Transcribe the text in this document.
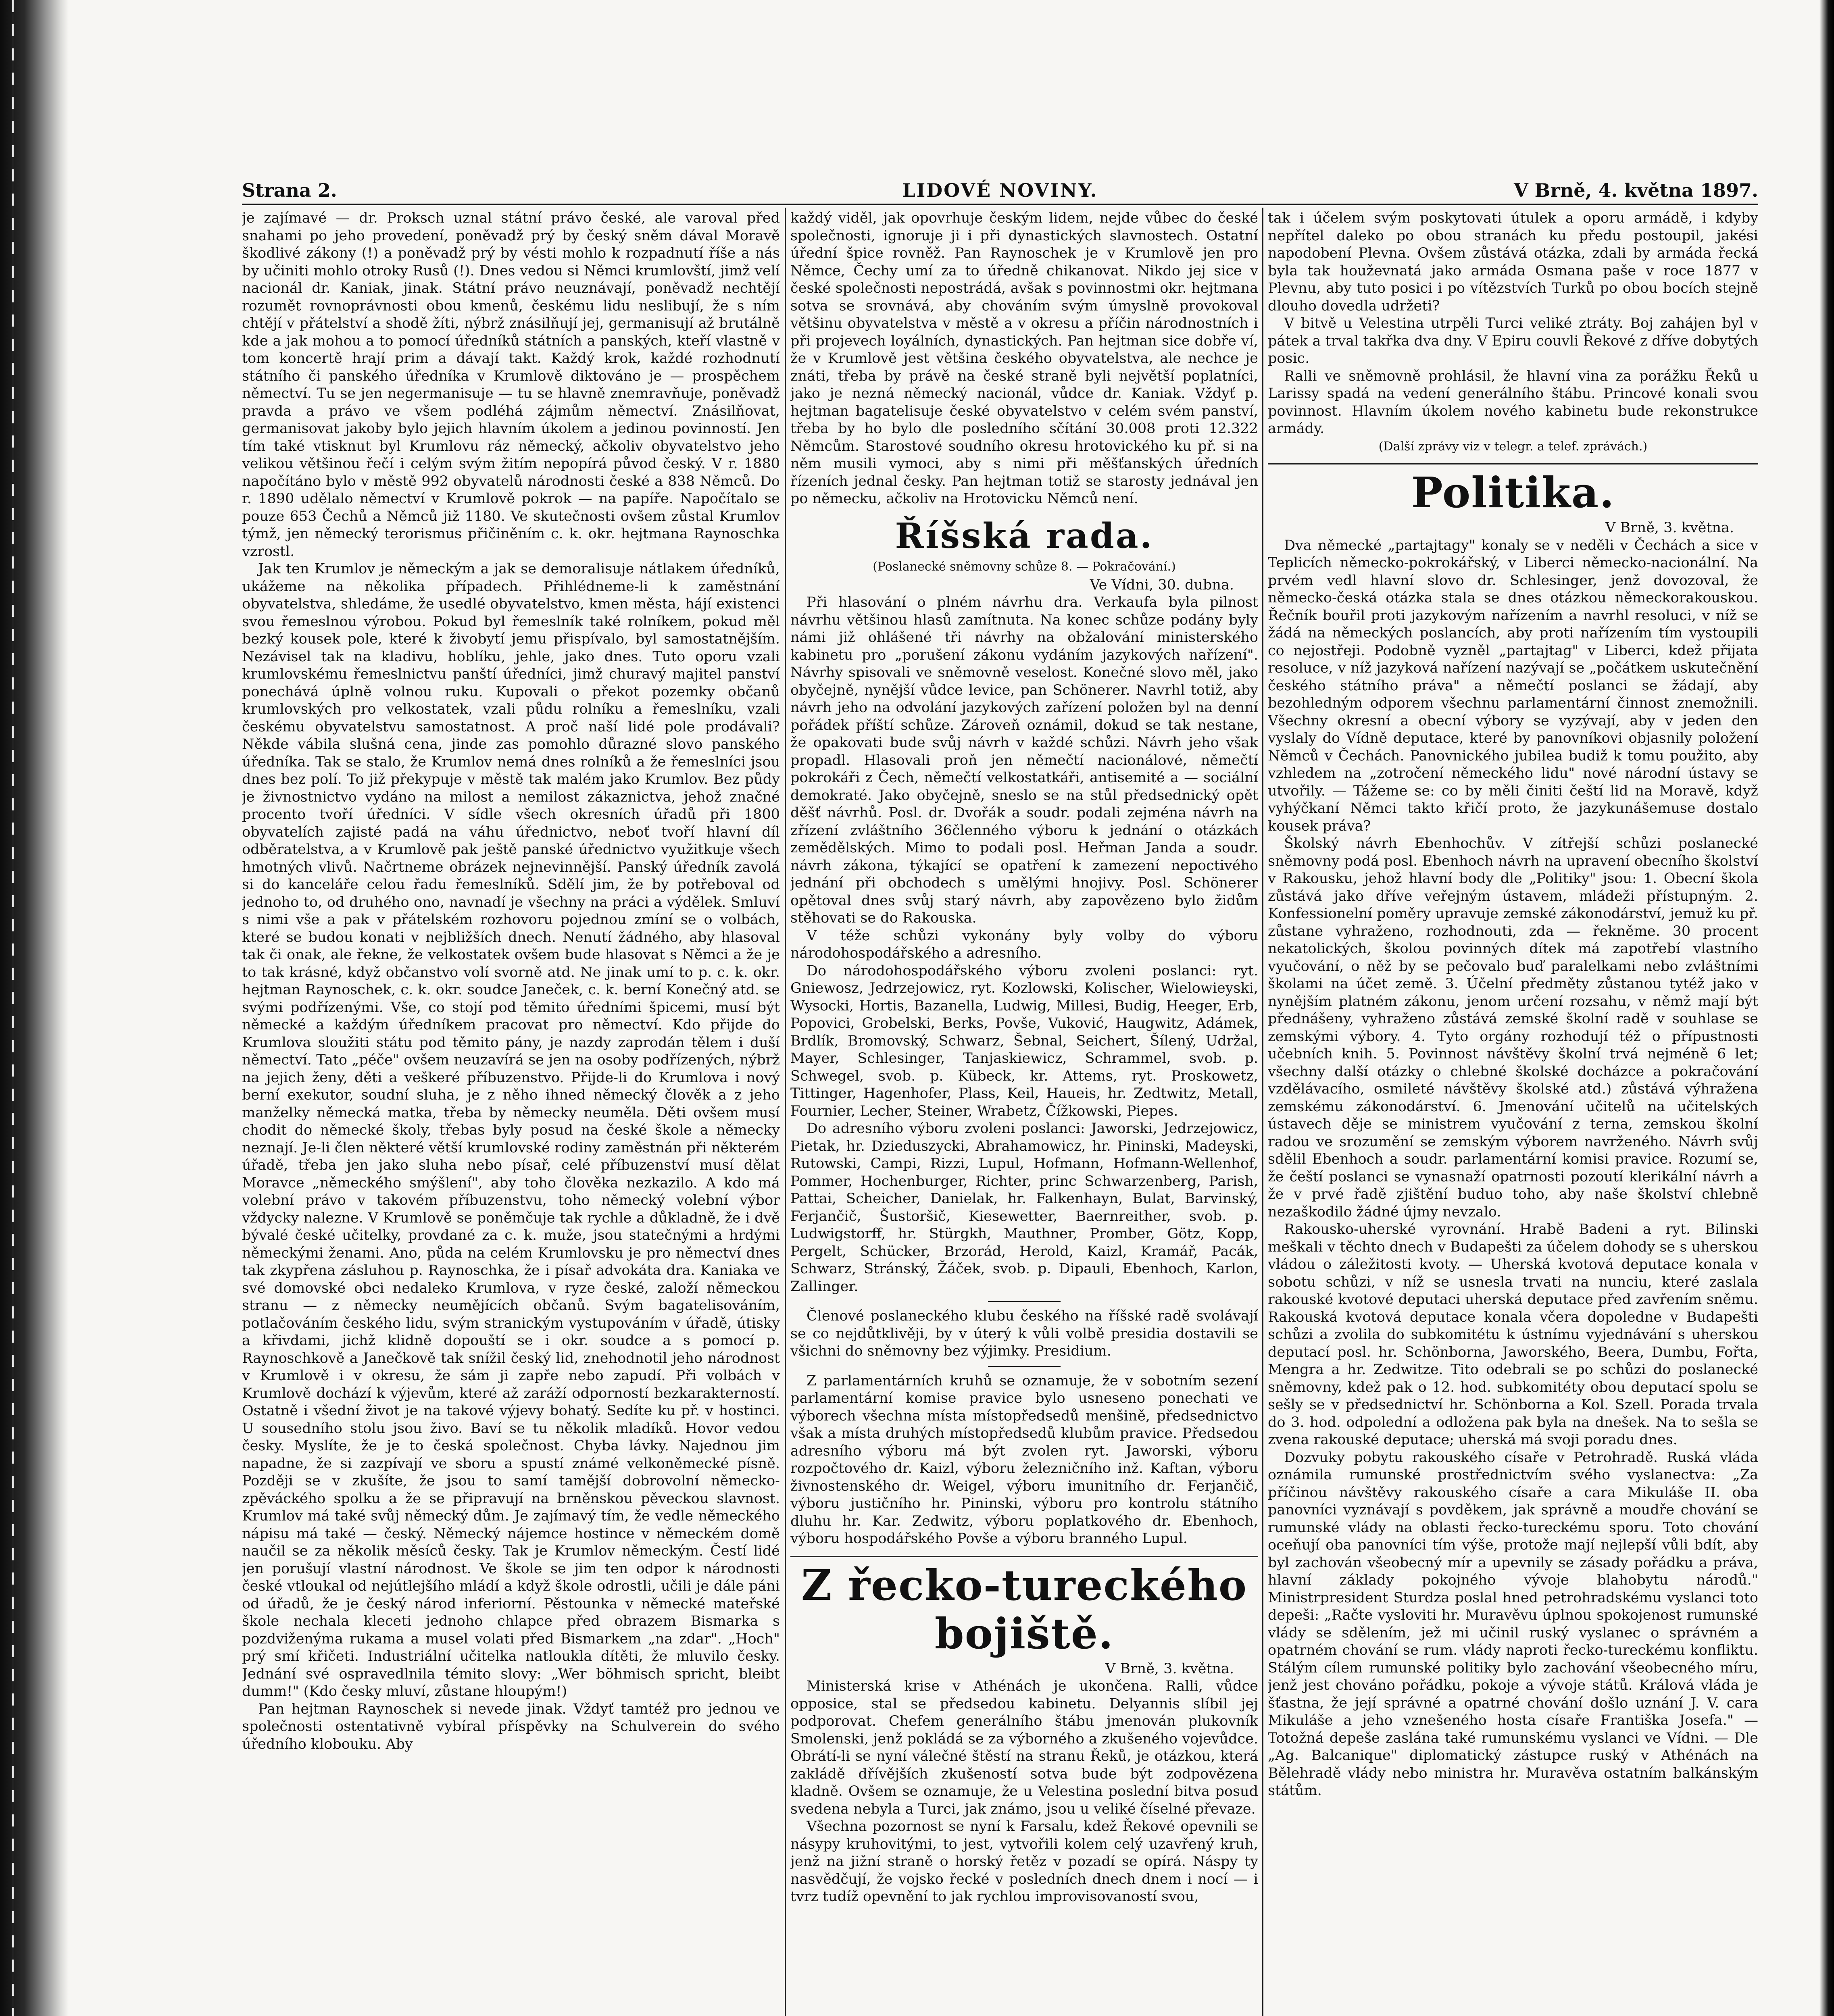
Strana 2.	LIDOVÉ NOVINY.	V Brně, 4. května 1897.

je zajímavé — dr. Proksch uznal státní právo české, ale varoval před snahami po jeho provedení, poněvadž prý by český sněm dával Moravě škodlivé zákony (!) a poněvadž prý by vésti mohlo k rozpadnutí říše a nás by učiniti mohlo otroky Rusů (!). Dnes vedou si Němci krumlovští, jimž velí nacionál dr. Kaniak, jinak. Státní právo neuznávají, poněvadž nechtějí rozumět rovnoprávnosti obou kmenů, českému lidu neslibují, že s ním chtějí v přátelství a shodě žíti, nýbrž znásilňují jej, germanisují až brutálně kde a jak mohou a to pomocí úředníků státních a panských, kteří vlastně v tom koncertě hrají prim a dávají takt. Každý krok, každé rozhodnutí státního či panského úředníka v Krumlově diktováno je — prospěchem němectví. Tu se jen negermanisuje — tu se hlavně znemravňuje, poněvadž pravda a právo ve všem podléhá zájmům němectví. Znásilňovat, germanisovat jakoby bylo jejich hlavním úkolem a jedinou povinností. Jen tím také vtisknut byl Krumlovu ráz německý, ačkoliv obyvatelstvo jeho velikou většinou řečí i celým svým žitím nepopírá původ český. V r. 1880 napočítáno bylo v městě 992 obyvatelů národnosti české a 838 Němců. Do r. 1890 udělalo němectví v Krumlově pokrok — na papíře. Napočítalo se pouze 653 Čechů a Němců již 1180. Ve skutečnosti ovšem zůstal Krumlov týmž, jen německý terorismus přičiněním c. k. okr. hejtmana Raynoschka vzrostl.

Jak ten Krumlov je německým a jak se demoralisuje nátlakem úředníků, ukážeme na několika případech. Přihlédneme-li k zaměstnání obyvatelstva, shledáme, že usedlé obyvatelstvo, kmen města, hájí existenci svou řemeslnou výrobou. Pokud byl řemeslník také rolníkem, pokud měl bezký kousek pole, které k živobytí jemu přispívalo, byl samostatnějším. Nezávisel tak na kladivu, hoblíku, jehle, jako dnes. Tuto oporu vzali krumlovskému řemeslnictvu panští úředníci, jimž churavý majitel panství ponechává úplně volnou ruku. Kupovali o překot pozemky občanů krumlovských pro velkostatek, vzali půdu rolníku a řemeslníku, vzali českému obyvatelstvu samostatnost. A proč naší lidé pole prodávali? Někde vábila slušná cena, jinde zas pomohlo důrazné slovo panského úředníka. Tak se stalo, že Krumlov nemá dnes rolníků a že řemeslníci jsou dnes bez polí. To již překypuje v městě tak malém jako Krumlov. Bez půdy je živnostnictvo vydáno na milost a nemilost zákaznictva, jehož značné procento tvoří úředníci. V sídle všech okresních úřadů při 1800 obyvatelích zajisté padá na váhu úřednictvo, neboť tvoří hlavní díl odběratelstva, a v Krumlově pak ještě panské úřednictvo využitkuje všech hmotných vlivů. Načrtneme obrázek nejnevinnější. Panský úředník zavolá si do kanceláře celou řadu řemeslníků. Sdělí jim, že by potřeboval od jednoho to, od druhého ono, navnadí je všechny na práci a výdělek. Smluví s nimi vše a pak v přátelském rozhovoru pojednou zmíní se o volbách, které se budou konati v nejbližších dnech. Nenutí žádného, aby hlasoval tak či onak, ale řekne, že velkostatek ovšem bude hlasovat s Němci a že je to tak krásné, když občanstvo volí svorně atd. Ne jinak umí to p. c. k. okr. hejtman Raynoschek, c. k. okr. soudce Janeček, c. k. berní Konečný atd. se svými podřízenými. Vše, co stojí pod těmito úředními špicemi, musí být německé a každým úředníkem pracovat pro němectví. Kdo přijde do Krumlova sloužiti státu pod těmito pány, je nazdy zaprodán tělem i duší němectví. Tato „péče" ovšem neuzavírá se jen na osoby podřízených, nýbrž na jejich ženy, děti a veškeré příbuzenstvo. Přijde-li do Krumlova i nový berní exekutor, soudní sluha, je z něho ihned německý člověk a z jeho manželky německá matka, třeba by německy neuměla. Děti ovšem musí chodit do německé školy, třebas byly posud na české škole a německy neznají. Je-li člen některé větší krumlovské rodiny zaměstnán při některém úřadě, třeba jen jako sluha nebo písař, celé příbuzenství musí dělat Moravce „německého smýšlení", aby toho člověka nezkazilo. A kdo má volební právo v takovém příbuzenstvu, toho německý volební výbor vždycky nalezne. V Krumlově se poněmčuje tak rychle a důkladně, že i dvě bývalé české učitelky, provdané za c. k. muže, jsou statečnými a hrdými německými ženami. Ano, půda na celém Krumlovsku je pro němectví dnes tak zkypřena zásluhou p. Raynoschka, že i písař advokáta dra. Kaniaka ve své domovské obci nedaleko Krumlova, v ryze české, založí německou stranu — z německy neumějících občanů. Svým bagatelisováním, potlačováním českého lidu, svým stranickým vystupováním v úřadě, útisky a křivdami, jichž klidně dopouští se i okr. soudce a s pomocí p. Raynoschkově a Janečkově tak snížil český lid, znehodnotil jeho národnost v Krumlově i v okresu, že sám ji zapře nebo zapudí. Při volbách v Krumlově dochází k výjevům, které až zaráží odporností bezkarakterností. Ostatně i všední život je na takové výjevy bohatý. Sedíte ku př. v hostinci. U sousedního stolu jsou živo. Baví se tu několik mladíků. Hovor vedou česky. Myslíte, že je to česká společnost. Chyba lávky. Najednou jim napadne, že si zazpívají ve sboru a spustí známé velkoněmecké písně. Později se v zkušíte, že jsou to samí tamější dobrovolní německo-zpěváckého spolku a že se připravují na brněnskou pěveckou slavnost. Krumlov má také svůj německý dům. Je zajímavý tím, že vedle německého nápisu má také — český. Německý nájemce hostince v německém domě naučil se za několik měsíců česky. Tak je Krumlov německým. Čestí lidé jen porušují vlastní národnost. Ve škole se jim ten odpor k národnosti české vtloukal od nejútlejšího mládí a když škole odrostli, učili je dále páni od úřadů, že je český národ inferiorní. Pěstounka v německé mateřské škole nechala kleceti jednoho chlapce před obrazem Bismarka s pozdviženýma rukama a musel volati před Bismarkem „na zdar". „Hoch" prý smí křičeti. Industriální učitelka natloukla dítěti, že mluvilo česky. Jednání své ospravedlnila témito slovy: „Wer böhmisch spricht, bleibt dumm!" (Kdo česky mluví, zůstane hloupým!)

Pan hejtman Raynoschek si nevede jinak. Vždyť tamtéž pro jednou ve společnosti ostentativně vybíral příspěvky na Schulverein do svého úředního klobouku. Aby

každý viděl, jak opovrhuje českým lidem, nejde vůbec do české společnosti, ignoruje ji i při dynastických slavnostech. Ostatní úřední špice rovněž. Pan Raynoschek je v Krumlově jen pro Němce, Čechy umí za to úředně chikanovat. Nikdo jej sice v české společnosti nepostrádá, avšak s povinnostmi okr. hejtmana sotva se srovnává, aby chováním svým úmyslně provokoval většinu obyvatelstva v městě a v okresu a příčin národnostních i při projevech loyálních, dynastických. Pan hejtman sice dobře ví, že v Krumlově jest většina českého obyvatelstva, ale nechce je znáti, třeba by právě na české straně byli největší poplatníci, jako je nezná německý nacionál, vůdce dr. Kaniak. Vždyť p. hejtman bagatelisuje české obyvatelstvo v celém svém panství, třeba by ho bylo dle posledního sčítání 30.008 proti 12.322 Němcům. Starostové soudního okresu hrotovického ku př. si na něm musili vymoci, aby s nimi při měšťanských úředních řízeních jednal česky. Pan hejtman totiž se starosty jednával jen po německu, ačkoliv na Hrotovicku Němců není.

Říšská rada.
(Poslanecké sněmovny schůze 8. — Pokračování.)
Ve Vídni, 30. dubna.

Při hlasování o plném návrhu dra. Verkaufa byla pilnost návrhu většinou hlasů zamítnuta. Na konec schůze podány byly námi již ohlášené tři návrhy na obžalování ministerského kabinetu pro „porušení zákonu vydáním jazykových nařízení". Návrhy spisovali ve sněmovně veselost. Konečné slovo měl, jako obyčejně, nynější vůdce levice, pan Schönerer. Navrhl totiž, aby návrh jeho na odvolání jazykových zařízení položen byl na denní pořádek příští schůze. Zároveň oznámil, dokud se tak nestane, že opakovati bude svůj návrh v každé schůzi. Návrh jeho však propadl. Hlasovali proň jen němečtí nacionálové, němečtí pokrokáři z Čech, němečtí velkostatkáři, antisemité a — sociální demokraté. Jako obyčejně, sneslo se na stůl předsednický opět děšť návrhů. Posl. dr. Dvořák a soudr. podali zejména návrh na zřízení zvláštního 36členného výboru k jednání o otázkách zemědělských. Mimo to podali posl. Heřman Janda a soudr. návrh zákona, týkající se opatření k zamezení nepoctivého jednání při obchodech s umělými hnojivy. Posl. Schönerer opětoval dnes svůj starý návrh, aby zapovězeno bylo židům stěhovati se do Rakouska.

V téže schůzi vykonány byly volby do výboru národohospodářského a adresního.

Do národohospodářského výboru zvoleni poslanci: ryt. Gniewosz, Jedrzejowicz, ryt. Kozlowski, Kolischer, Wielowieyski, Wysocki, Hortis, Bazanella, Ludwig, Millesi, Budig, Heeger, Erb, Popovici, Grobelski, Berks, Povše, Vuković, Haugwitz, Adámek, Brdlík, Bromovský, Schwarz, Šebnal, Seichert, Šílený, Udržal, Mayer, Schlesinger, Tanjaskiewicz, Schrammel, svob. p. Schwegel, svob. p. Kübeck, kr. Attems, ryt. Proskowetz, Tittinger, Hagenhofer, Plass, Keil, Haueis, hr. Zedtwitz, Metall, Fournier, Lecher, Steiner, Wrabetz, Čížkowski, Piepes.

Do adresního výboru zvoleni poslanci: Jaworski, Jedrzejowicz, Pietak, hr. Dzieduszycki, Abrahamowicz, hr. Pininski, Madeyski, Rutowski, Campi, Rizzi, Lupul, Hofmann, Hofmann-Wellenhof, Pommer, Hochenburger, Richter, princ Schwarzenberg, Parish, Pattai, Scheicher, Danielak, hr. Falkenhayn, Bulat, Barvinský, Ferjančič, Šustoršič, Kiesewetter, Baernreither, svob. p. Ludwigstorff, hr. Stürgkh, Mauthner, Promber, Götz, Kopp, Pergelt, Schücker, Brzorád, Herold, Kaizl, Kramář, Pacák, Schwarz, Stránský, Žáček, svob. p. Dipauli, Ebenhoch, Karlon, Zallinger.

Členové poslaneckého klubu českého na říšské radě svolávají se co nejdůtklivěji, by v úterý k vůli volbě presidia dostavili se všichni do sněmovny bez výjimky. Presidium.

Z parlamentárních kruhů se oznamuje, že v sobotním sezení parlamentární komise pravice bylo usneseno ponechati ve výborech všechna místa místopředsedů menšině, předsednictvo však a místa druhých místopředsedů klubům pravice. Předsedou adresního výboru má být zvolen ryt. Jaworski, výboru rozpočtového dr. Kaizl, výboru železničního inž. Kaftan, výboru živnostenského dr. Weigel, výboru imunitního dr. Ferjančič, výboru justičního hr. Pininski, výboru pro kontrolu státního dluhu hr. Kar. Zedwitz, výboru poplatkového dr. Ebenhoch, výboru hospodářského Povše a výboru branného Lupul.

Z řecko-tureckého bojiště.
V Brně, 3. května.

Ministerská krise v Athénách je ukončena. Ralli, vůdce opposice, stal se předsedou kabinetu. Delyannis slíbil jej podporovat. Chefem generálního štábu jmenován plukovník Smolenski, jenž pokládá se za výborného a zkušeného vojevůdce. Obrátí-li se nyní válečné štěstí na stranu Řeků, je otázkou, která zakládě dřívějších zkušeností sotva bude být zodpovězena kladně. Ovšem se oznamuje, že u Velestina poslední bitva posud svedena nebyla a Turci, jak známo, jsou u veliké číselné převaze.

Všechna pozornost se nyní k Farsalu, kdež Řekové opevnili se násypy kruhovitými, to jest, vytvořili kolem celý uzavřený kruh, jenž na jižní straně o horský řetěz v pozadí se opírá. Náspy ty nasvědčují, že vojsko řecké v posledních dnech dnem i nocí — i tvrz tudíž opevnění to jak rychlou improvisovaností svou,

tak i účelem svým poskytovati útulek a oporu armádě, i kdyby nepřítel daleko po obou stranách ku předu postoupil, jakési napodobení Plevna. Ovšem zůstává otázka, zdali by armáda řecká byla tak houževnatá jako armáda Osmana paše v roce 1877 v Plevnu, aby tuto posici i po vítězstvích Turků po obou bocích stejně dlouho dovedla udržeti?

V bitvě u Velestina utrpěli Turci veliké ztráty. Boj zahájen byl v pátek a trval takřka dva dny. V Epiru couvli Řekové z dříve dobytých posic.

Ralli ve sněmovně prohlásil, že hlavní vina za porážku Řeků u Larissy spadá na vedení generálního štábu. Princové konali svou povinnost. Hlavním úkolem nového kabinetu bude rekonstrukce armády.

(Další zprávy viz v telegr. a telef. zprávách.)
Politika.
V Brně, 3. května.

Dva německé „partajtagy" konaly se v neděli v Čechách a sice v Teplicích německo-pokrokářský, v Liberci německo-nacionální. Na prvém vedl hlavní slovo dr. Schlesinger, jenž dovozoval, že německo-česká otázka stala se dnes otázkou německorakouskou. Řečník bouřil proti jazykovým nařízením a navrhl resoluci, v níž se žádá na německých poslancích, aby proti nařízením tím vystoupili co nejostřeji. Podobně vyzněl „partajtag" v Liberci, kdež přijata resoluce, v níž jazyková nařízení nazývají se „počátkem uskutečnění českého státního práva" a němečtí poslanci se žádají, aby bezohledným odporem všechnu parlamentární činnost znemožnili. Všechny okresní a obecní výbory se vyzývají, aby v jeden den vyslaly do Vídně deputace, které by panovníkovi objasnily položení Němců v Čechách. Panovnického jubilea budiž k tomu použito, aby vzhledem na „zotročení německého lidu" nové národní ústavy se utvořily. — Tážeme se: co by měli činiti čeští lid na Moravě, když vyhýčkaní Němci takto křičí proto, že jazykunášemuse dostalo kousek práva?

Školský návrh Ebenhochův. V zítřejší schůzi poslanecké sněmovny podá posl. Ebenhoch návrh na upravení obecního školství v Rakousku, jehož hlavní body dle „Politiky" jsou: 1. Obecní škola zůstává jako dříve veřejným ústavem, mládeži přístupným. 2. Konfessionelní poměry upravuje zemské zákonodárství, jemuž ku př. zůstane vyhraženo, rozhodnouti, zda — řekněme. 30 procent nekatolických, školou povinných dítek má zapotřebí vlastního vyučování, o něž by se pečovalo buď paralelkami nebo zvláštními školami na účet země. 3. Účelní předměty zůstanou tytéž jako v nynějším platném zákonu, jenom určení rozsahu, v němž mají být přednášeny, vyhraženo zůstává zemské školní radě v souhlase se zemskými výbory. 4. Tyto orgány rozhodují též o přípustnosti učebních knih. 5. Povinnost návštěvy školní trvá nejméně 6 let; všechny další otázky o chlebné školské docházce a pokračování vzdělávacího, osmileté návštěvy školské atd.) zůstává výhražena zemskému zákonodárství. 6. Jmenování učitelů na učitelských ústavech děje se ministrem vyučování z terna, zemskou školní radou ve srozumění se zemským výborem navrženého. Návrh svůj sdělil Ebenhoch a soudr. parlamentární komisi pravice. Rozumí se, že čeští poslanci se vynasnaží opatrnosti pozoutí klerikální návrh a že v prvé řadě zjištění buduo toho, aby naše školství chlebně nezaškodilo žádné újmy nevzalo.

Rakousko-uherské vyrovnání. Hrabě Badeni a ryt. Bilinski meškali v těchto dnech v Budapešti za účelem dohody se s uherskou vládou o záležitosti kvoty. — Uherská kvotová deputace konala v sobotu schůzi, v níž se usnesla trvati na nunciu, které zaslala rakouské kvotové deputaci uherská deputace před zavřením sněmu. Rakouská kvotová deputace konala včera dopoledne v Budapešti schůzi a zvolila do subkomitétu k ústnímu vyjednávání s uherskou deputací posl. hr. Schönborna, Jaworského, Beera, Dumbu, Fořta, Mengra a hr. Zedwitze. Tito odebrali se po schůzi do poslanecké sněmovny, kdež pak o 12. hod. subkomitéty obou deputací spolu se sešly se v předsednictví hr. Schönborna a Kol. Szell. Porada trvala do 3. hod. odpolední a odložena pak byla na dnešek. Na to sešla se zvena rakouské deputace; uherská má svoji poradu dnes.

Dozvuky pobytu rakouského císaře v Petrohradě. Ruská vláda oznámila rumunské prostřednictvím svého vyslanectva: „Za příčinou návštěvy rakouského císaře a cara Mikuláše II. oba panovníci vyznávají s povděkem, jak správně a moudře chování se rumunské vlády na oblasti řecko-tureckému sporu. Toto chování oceňují oba panovníci tím výše, protože mají nejlepší vůli bdít, aby byl zachován všeobecný mír a upevnily se zásady pořádku a práva, hlavní základy pokojného vývoje blahobytu národů." Ministrpresident Sturdza poslal hned petrohradskému vyslanci toto depeši: „Račte vysloviti hr. Muravěvu úplnou spokojenost rumunské vlády se sdělením, jež mi učinil ruský vyslanec o správném a opatrném chování se rum. vlády naproti řecko-tureckému konfliktu. Stálým cílem rumunské politiky bylo zachování všeobecného míru, jenž jest chováno pořádku, pokoje a vývoje států. Králová vláda je šťastna, že její správné a opatrné chování došlo uznání J. V. cara Mikuláše a jeho vznešeného hosta císaře Františka Josefa." — Totožná depeše zaslána také rumunskému vyslanci ve Vídni. — Dle „Ag. Balcanique" diplomatický zástupce ruský v Athénách na Bělehradě vlády nebo ministra hr. Muravěva ostatním balkánským státům.
